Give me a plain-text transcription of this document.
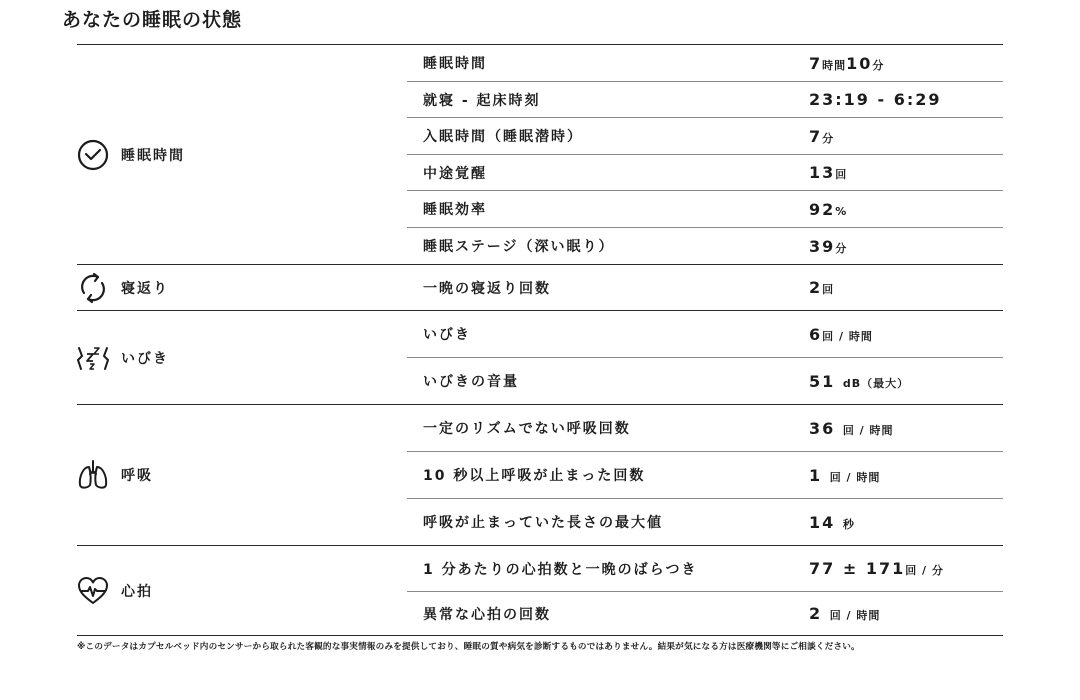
あなたの睡眠の状態
睡眠時間
睡眠時間	7時間10分
就寝 - 起床時刻	23:19 - 6:29
入眠時間（睡眠潜時）	7分
中途覚醒	13回
睡眠効率	92%
睡眠ステージ（深い眠り）	39分
寝返り	一晩の寝返り回数	2回
いびき
いびき	6回 / 時間
いびきの音量	51 dB（最大）
呼吸
一定のリズムでない呼吸回数	36 回 / 時間
10 秒以上呼吸が止まった回数	1 回 / 時間
呼吸が止まっていた長さの最大値	14 秒
心拍
1 分あたりの心拍数と一晩のばらつき	77 ± 171回 / 分
異常な心拍の回数	2 回 / 時間
※このデータはカプセルベッド内のセンサーから取られた客観的な事実情報のみを提供しており、睡眠の質や病気を診断するものではありません。結果が気になる方は医療機関等にご相談ください。
